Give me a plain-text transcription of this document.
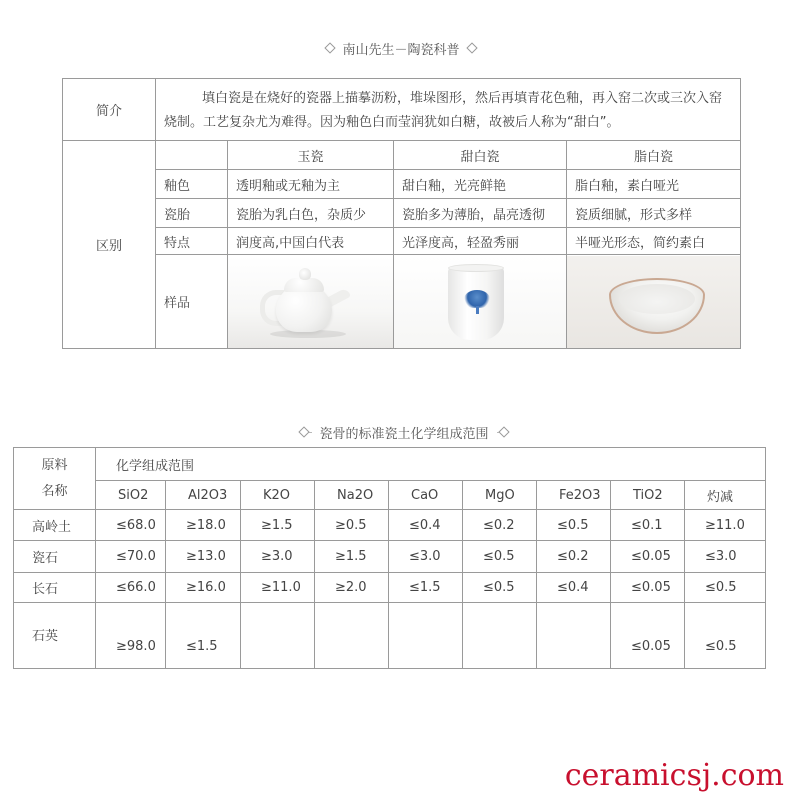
南山先生－陶瓷科普
简介	填白瓷是在烧好的瓷器上描摹沥粉，堆垛图形，然后再填青花色釉，再入窑二次或三次入窑烧制。工艺复杂尤为难得。因为釉色白而莹润犹如白糖，故被后人称为“甜白”。			
区别		玉瓷	甜白瓷	脂白瓷
	釉色	透明釉或无釉为主	甜白釉，光亮鲜艳	脂白釉，素白哑光
	瓷胎	瓷胎为乳白色，杂质少	瓷胎多为薄胎，晶亮透彻	瓷质细腻，形式多样
	特点	润度高,中国白代表	光泽度高，轻盈秀丽	半哑光形态，简约素白
	样品	

瓷骨的标准瓷土化学组成范围
原料
名称	化学组成范围								
	SiO2	Al2O3	K2O	Na2O	CaO	MgO	Fe2O3	TiO2	灼减
高岭土	≤68.0	≥18.0	≥1.5	≥0.5	≤0.4	≤0.2	≤0.5	≤0.1	≥11.0
瓷石	≤70.0	≥13.0	≥3.0	≥1.5	≤3.0	≤0.5	≤0.2	≤0.05	≤3.0
长石	≤66.0	≥16.0	≥11.0	≥2.0	≤1.5	≤0.5	≤0.4	≤0.05	≤0.5
石英	≥98.0	≤1.5						≤0.05	≤0.5
ceramicsj.com
